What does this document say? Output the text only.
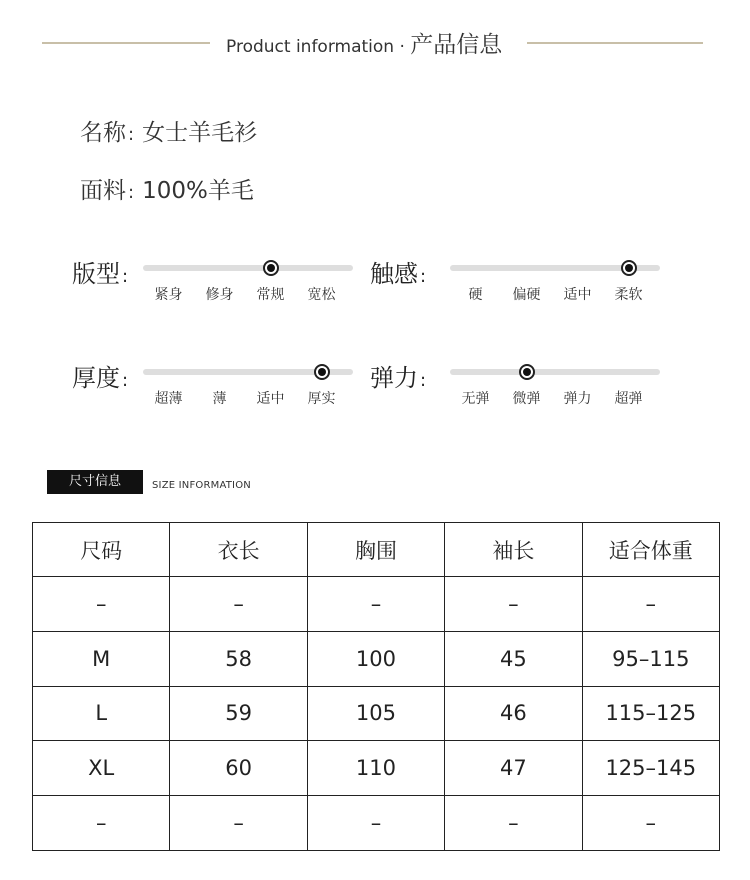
Product information · 产品信息
名称 : 女士羊毛衫
面料 : 100%羊毛
版型 :
紧身 修身 常规 宽松
触感 :
硬 偏硬 适中 柔软
厚度 :
超薄 薄 适中 厚实
弹力 :
无弹 微弹 弹力 超弹
尺寸信息	SIZE INFORMATION
尺码	衣长	胸围	袖长	适合体重
–	–	–	–	–
M	58	100	45	95–115
L	59	105	46	115–125
XL	60	110	47	125–145
–	–	–	–	–
